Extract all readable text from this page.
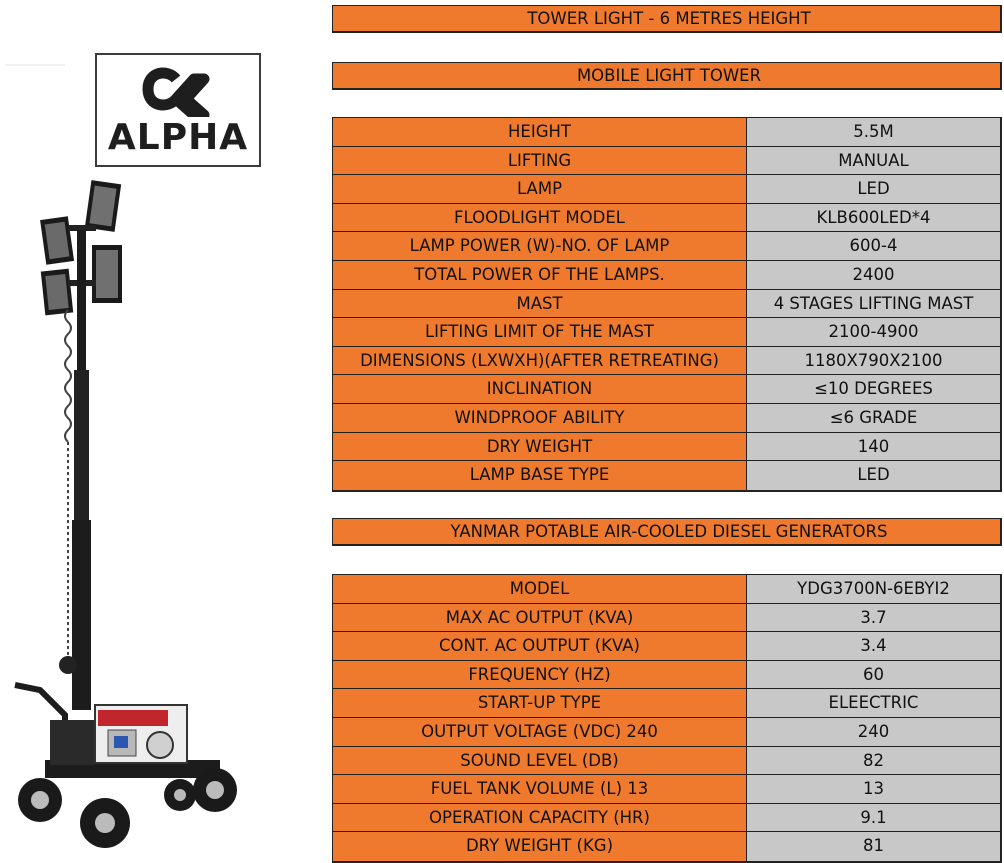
ALPHA
TOWER LIGHT - 6 METRES HEIGHT
MOBILE LIGHT TOWER
HEIGHT	5.5M
LIFTING	MANUAL
LAMP	LED
FLOODLIGHT MODEL	KLB600LED*4
LAMP POWER (W)-NO. OF LAMP	600-4
TOTAL POWER OF THE LAMPS.	2400
MAST	4 STAGES LIFTING MAST
LIFTING LIMIT OF THE MAST	2100-4900
DIMENSIONS (LXWXH)(AFTER RETREATING)	1180X790X2100
INCLINATION	≤10 DEGREES
WINDPROOF ABILITY	≤6 GRADE
DRY WEIGHT	140
LAMP BASE TYPE	LED
YANMAR POTABLE AIR-COOLED DIESEL GENERATORS
MODEL	YDG3700N-6EBYI2
MAX AC OUTPUT (KVA)	3.7
CONT. AC OUTPUT (KVA)	3.4
FREQUENCY (HZ)	60
START-UP TYPE	ELEECTRIC
OUTPUT VOLTAGE (VDC) 240	240
SOUND LEVEL (DB)	82
FUEL TANK VOLUME (L) 13	13
OPERATION CAPACITY (HR)	9.1
DRY WEIGHT (KG)	81
